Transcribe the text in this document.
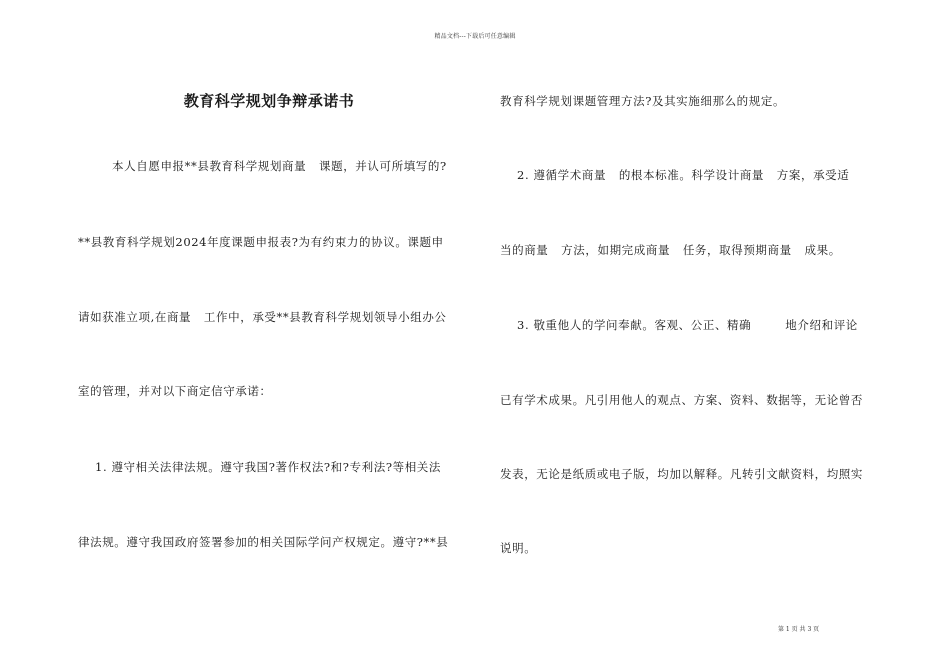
精品文档---下载后可任意编辑
教育科学规划争辩承诺书
本人自愿申报**县教育科学规划商量   课题，并认可所填写的?
**县教育科学规划2024年度课题申报表?为有约束力的协议。课题申
请如获准立项,在商量   工作中，承受**县教育科学规划领导小组办公
室的管理，并对以下商定信守承诺：
1. 遵守相关法律法规。遵守我国?著作权法?和?专利法?等相关法
律法规。遵守我国政府签署参加的相关国际学问产权规定。遵守?**县
教育科学规划课题管理方法?及其实施细那么的规定。
2. 遵循学术商量   的根本标准。科学设计商量   方案，承受适
当的商量   方法，如期完成商量   任务，取得预期商量   成果。
3. 敬重他人的学问奉献。客观、公正、精确        地介绍和评论
已有学术成果。凡引用他人的观点、方案、资料、数据等，无论曾否
发表，无论是纸质或电子版，均加以解释。凡转引文献资料，均照实
说明。
第 1 页 共 3 页
